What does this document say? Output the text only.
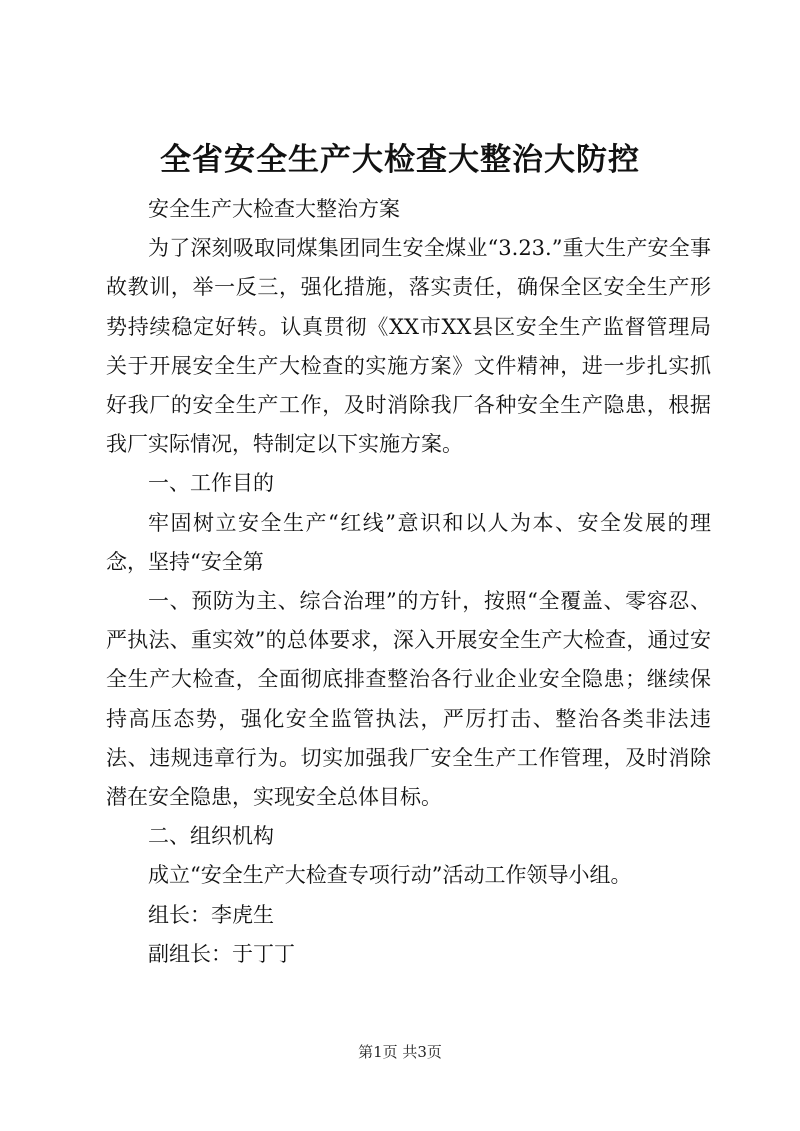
全省安全生产大检查大整治大防控

安全生产大检查大整治方案

为了深刻吸取同煤集团同生安全煤业“3.23.”重大生产安全事故教训，举一反三，强化措施，落实责任，确保全区安全生产形势持续稳定好转。认真贯彻《XX市XX县区安全生产监督管理局关于开展安全生产大检查的实施方案》文件精神，进一步扎实抓好我厂的安全生产工作，及时消除我厂各种安全生产隐患，根据我厂实际情况，特制定以下实施方案。

一、工作目的

牢固树立安全生产“红线”意识和以人为本、安全发展的理念，坚持“安全第

一、预防为主、综合治理”的方针，按照“全覆盖、零容忍、严执法、重实效”的总体要求，深入开展安全生产大检查，通过安全生产大检查，全面彻底排查整治各行业企业安全隐患；继续保持高压态势，强化安全监管执法，严厉打击、整治各类非法违法、违规违章行为。切实加强我厂安全生产工作管理，及时消除潜在安全隐患，实现安全总体目标。

二、组织机构

成立“安全生产大检查专项行动”活动工作领导小组。

组长：李虎生

副组长：于丁丁

第1页 共3页
